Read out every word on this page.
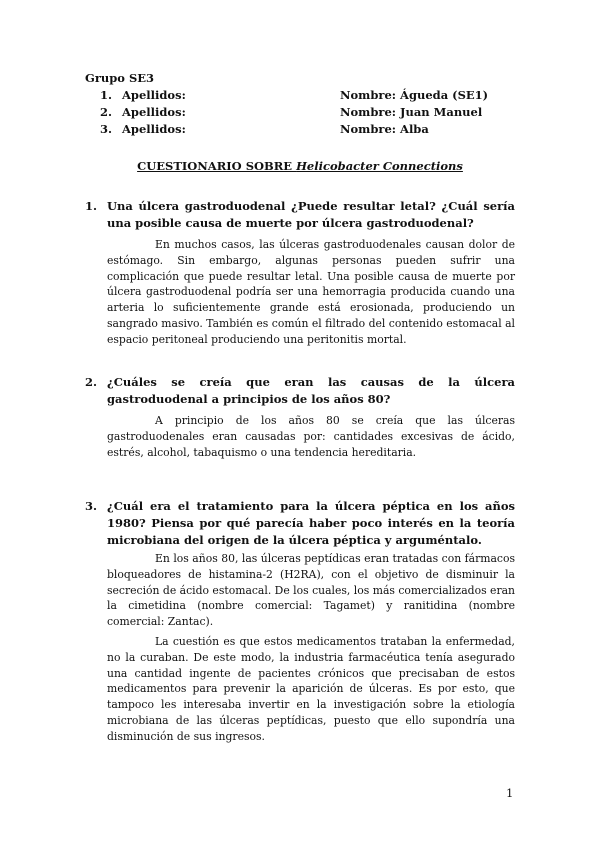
Grupo SE3
1. Apellidos:	Nombre: Águeda (SE1)
2. Apellidos:	Nombre: Juan Manuel
3. Apellidos:	Nombre: Alba
CUESTIONARIO SOBRE Helicobacter Connections
1. Una úlcera gastroduodenal ¿Puede resultar letal? ¿Cuál sería una posible causa de muerte por úlcera gastroduodenal?

En muchos casos, las úlceras gastroduodenales causan dolor de estómago. Sin embargo, algunas personas pueden sufrir una complicación que puede resultar letal. Una posible causa de muerte por úlcera gastroduodenal podría ser una hemorragia producida cuando una arteria lo suficientemente grande está erosionada, produciendo un sangrado masivo. También es común el filtrado del contenido estomacal al espacio peritoneal produciendo una peritonitis mortal.

2. ¿Cuáles se creía que eran las causas de la úlcera gastroduodenal a principios de los años 80?

A principio de los años 80 se creía que las úlceras gastroduodenales eran causadas por: cantidades excesivas de ácido, estrés, alcohol, tabaquismo o una tendencia hereditaria.

3. ¿Cuál era el tratamiento para la úlcera péptica en los años 1980? Piensa por qué parecía haber poco interés en la teoría microbiana del origen de la úlcera péptica y arguméntalo.

En los años 80, las úlceras peptídicas eran tratadas con fármacos bloqueadores de histamina-2 (H2RA), con el objetivo de disminuir la secreción de ácido estomacal. De los cuales, los más comercializados eran la cimetidina (nombre comercial: Tagamet) y ranitidina (nombre comercial: Zantac).

La cuestión es que estos medicamentos trataban la enfermedad, no la curaban. De este modo, la industria farmacéutica tenía asegurado una cantidad ingente de pacientes crónicos que precisaban de estos medicamentos para prevenir la aparición de úlceras. Es por esto, que tampoco les interesaba invertir en la investigación sobre la etiología microbiana de las úlceras peptídicas, puesto que ello supondría una disminución de sus ingresos.

1
